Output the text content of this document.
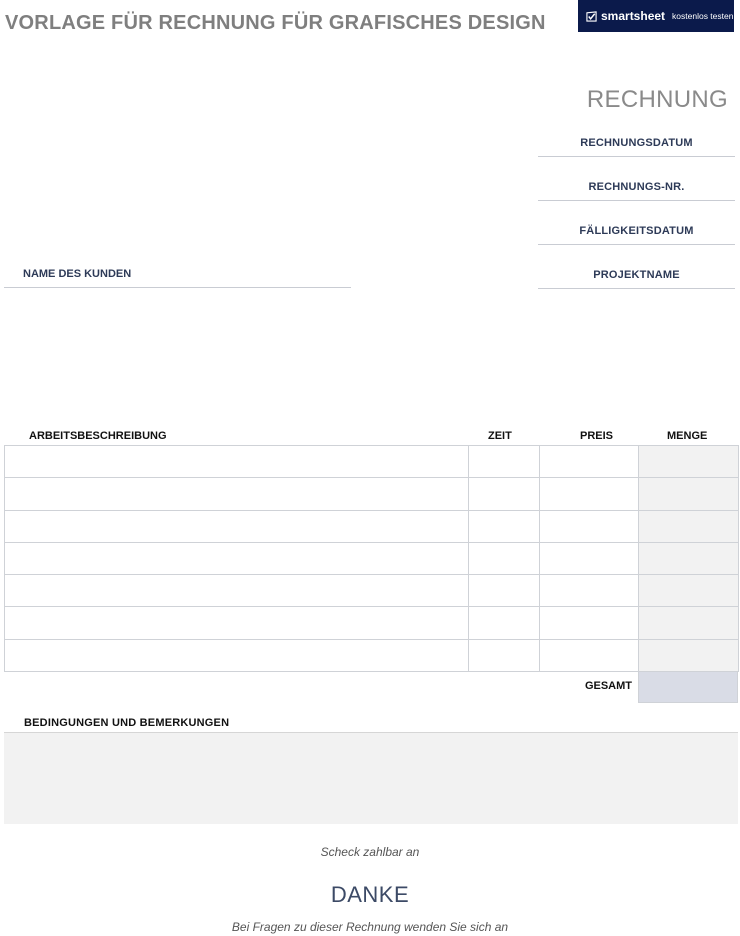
VORLAGE FÜR RECHNUNG FÜR GRAFISCHES DESIGN	smartsheet kostenlos testen
RECHNUNG
RECHNUNGSDATUM
RECHNUNGS-NR.
FÄLLIGKEITSDATUM
PROJEKTNAME
NAME DES KUNDEN
ARBEITSBESCHREIBUNG	ZEIT	PREIS	MENGE

GESAMT
BEDINGUNGEN UND BEMERKUNGEN
Scheck zahlbar an
DANKE
Bei Fragen zu dieser Rechnung wenden Sie sich an
